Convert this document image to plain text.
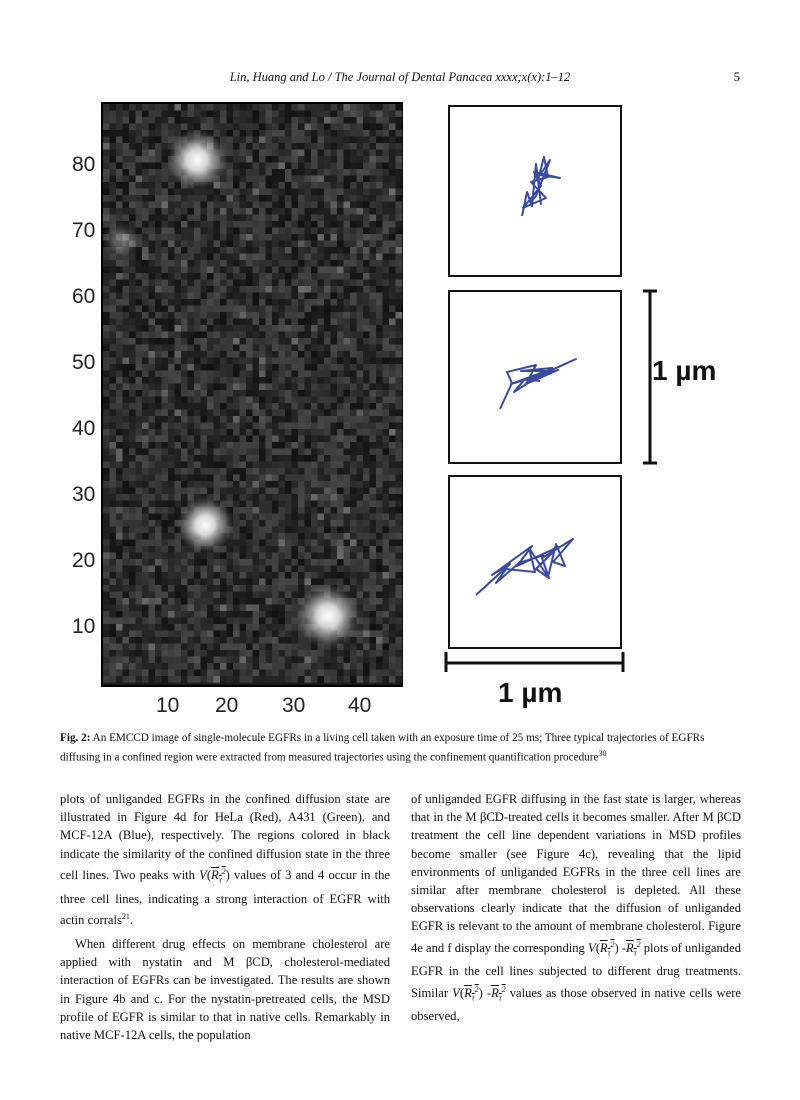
Lin, Huang and Lo / The Journal of Dental Panacea xxxx;x(x):1–12	5
80
70
60
50
40
30
20
10
10 20 30 40
1 µm
1 µm
Fig. 2: An EMCCD image of single-molecule EGFRs in a living cell taken with an exposure time of 25 ms; Three typical trajectories of EGFRs diffusing in a confined region were extracted from measured trajectories using the confinement quantification procedure$^{30}$

plots of unliganded EGFRs in the confined diffusion state are illustrated in Figure 4d for HeLa (Red), A431 (Green), and MCF-12A (Blue), respectively. The regions colored in black indicate the similarity of the confined diffusion state in the three cell lines. Two peaks with $V(R_\tau^2)$ values of 3 and 4 occur in the three cell lines, indicating a strong interaction of EGFR with actin corrals$^{21}$.

When different drug effects on membrane cholesterol are applied with nystatin and M βCD, cholesterol-mediated interaction of EGFRs can be investigated. The results are shown in Figure 4b and c. For the nystatin-pretreated cells, the MSD profile of EGFR is similar to that in native cells. Remarkably in native MCF-12A cells, the population

of unliganded EGFR diffusing in the fast state is larger, whereas that in the M βCD-treated cells it becomes smaller. After M βCD treatment the cell line dependent variations in MSD profiles become smaller (see Figure 4c), revealing that the lipid environments of unliganded EGFRs in the three cell lines are similar after membrane cholesterol is depleted. All these observations clearly indicate that the diffusion of unliganded EGFR is relevant to the amount of membrane cholesterol. Figure 4e and f display the corresponding $V(R_\tau^2)$ $-R_\tau^2$ plots of unliganded EGFR in the cell lines subjected to different drug treatments. Similar $V(R_\tau^2)$ $-R_\tau^2$ values as those observed in native cells were observed,
